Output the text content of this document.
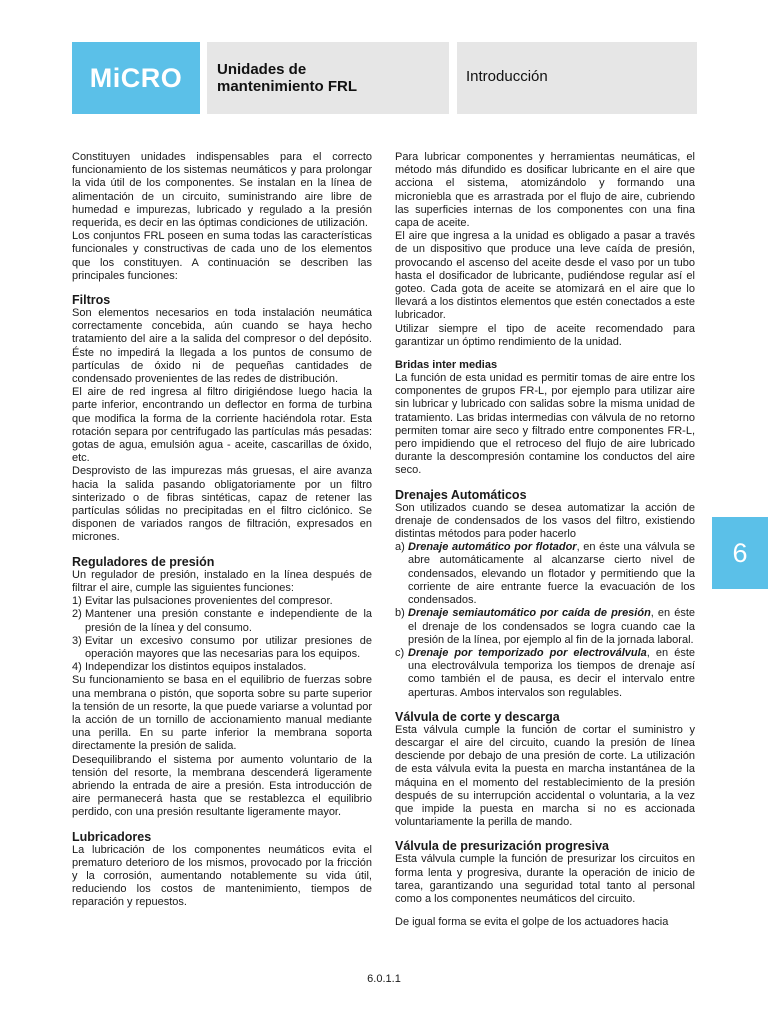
MiCRO	Unidades de
mantenimiento FRL
Introducción
6

Constituyen unidades indispensables para el correcto funcionamiento de los sistemas neumáticos y para prolongar la vida útil de los componentes. Se instalan en la línea de alimentación de un circuito, suministrando aire libre de humedad e impurezas, lubricado y regulado a la presión requerida, es decir en las óptimas condiciones de utilización.

Los conjuntos FRL poseen en suma todas las características funcionales y constructivas de cada uno de los elementos que los constituyen. A continuación se describen las principales funciones:

Filtros

Son elementos necesarios en toda instalación neumática correctamente concebida, aún cuando se haya hecho tratamiento del aire a la salida del compresor o del depósito. Éste no impedirá la llegada a los puntos de consumo de partículas de óxido ni de pequeñas cantidades de condensado provenientes de las redes de distribución.

El aire de red ingresa al filtro dirigiéndose luego hacia la parte inferior, encontrando un deflector en forma de turbina que modifica la forma de la corriente haciéndola rotar. Esta rotación separa por centrifugado las partículas más pesadas: gotas de agua, emulsión agua - aceite, cascarillas de óxido, etc.

Desprovisto de las impurezas más gruesas, el aire avanza hacia la salida pasando obligatoriamente por un filtro sinterizado o de fibras sintéticas, capaz de retener las partículas sólidas no precipitadas en el filtro ciclónico. Se disponen de variados rangos de filtración, expresados en micrones.

Reguladores de presión

Un regulador de presión, instalado en la línea después de filtrar el aire, cumple las siguientes funciones:

1) Evitar las pulsaciones provenientes del compresor.
2) Mantener una presión constante e independiente de la presión de la línea y del consumo.
3) Evitar un excesivo consumo por utilizar presiones de operación mayores que las necesarias para los equipos.
4) Independizar los distintos equipos instalados.

Su funcionamiento se basa en el equilibrio de fuerzas sobre una membrana o pistón, que soporta sobre su parte superior la tensión de un resorte, la que puede variarse a voluntad por la acción de un tornillo de accionamiento manual mediante una perilla. En su parte inferior la membrana soporta directamente la presión de salida.

Desequilibrando el sistema por aumento voluntario de la tensión del resorte, la membrana descenderá ligeramente abriendo la entrada de aire a presión. Esta introducción de aire permanecerá hasta que se restablezca el equilibrio perdido, con una presión resultante ligeramente mayor.

Lubricadores

La lubricación de los componentes neumáticos evita el prematuro deterioro de los mismos, provocado por la fricción y la corrosión, aumentando notablemente su vida útil, reduciendo los costos de mantenimiento, tiempos de reparación y repuestos.

Para lubricar componentes y herramientas neumáticas, el método más difundido es dosificar lubricante en el aire que acciona el sistema, atomizándolo y formando una microniebla que es arrastrada por el flujo de aire, cubriendo las superficies internas de los componentes con una fina capa de aceite.

El aire que ingresa a la unidad es obligado a pasar a través de un dispositivo que produce una leve caída de presión, provocando el ascenso del aceite desde el vaso por un tubo hasta el dosificador de lubricante, pudiéndose regular así el goteo. Cada gota de aceite se atomizará en el aire que lo llevará a los distintos elementos que estén conectados a este lubricador.

Utilizar siempre el tipo de aceite recomendado para garantizar un óptimo rendimiento de la unidad.

Bridas inter medias

La función de esta unidad es permitir tomas de aire entre los componentes de grupos FR-L, por ejemplo para utilizar aire sin lubricar y lubricado con salidas sobre la misma unidad de tratamiento. Las bridas intermedias con válvula de no retorno permiten tomar aire seco y filtrado entre componentes FR-L, pero impidiendo que el retroceso del flujo de aire lubricado durante la descompresión contamine los conductos del aire seco.

Drenajes Automáticos

Son utilizados cuando se desea automatizar la acción de drenaje de condensados de los vasos del filtro, existiendo distintas métodos para poder hacerlo

a) Drenaje automático por flotador, en éste una válvula se abre automáticamente al alcanzarse cierto nivel de condensados, elevando un flotador y permitiendo que la corriente de aire entrante fuerce la evacuación de los condensados.
b) Drenaje semiautomático por caída de presión, en éste el drenaje de los condensados se logra cuando cae la presión de la línea, por ejemplo al fin de la jornada laboral.
c) Drenaje por temporizado por electroválvula, en éste una electroválvula temporiza los tiempos de drenaje así como también el de pausa, es decir el intervalo entre aperturas. Ambos intervalos son regulables.
Válvula de corte y descarga

Esta válvula cumple la función de cortar el suministro y descargar el aire del circuito, cuando la presión de línea desciende por debajo de una presión de corte. La utilización de esta válvula evita la puesta en marcha instantánea de la máquina en el momento del restablecimiento de la presión después de su interrupción accidental o voluntaria, a la vez que impide la puesta en marcha si no es accionada voluntariamente la perilla de mando.

Válvula de presurización progresiva

Esta válvula cumple la función de presurizar los circuitos en forma lenta y progresiva, durante la operación de inicio de tarea, garantizando una seguridad total tanto al personal como a los componentes neumáticos del circuito.

De igual forma se evita el golpe de los actuadores hacia

6.0.1.1
